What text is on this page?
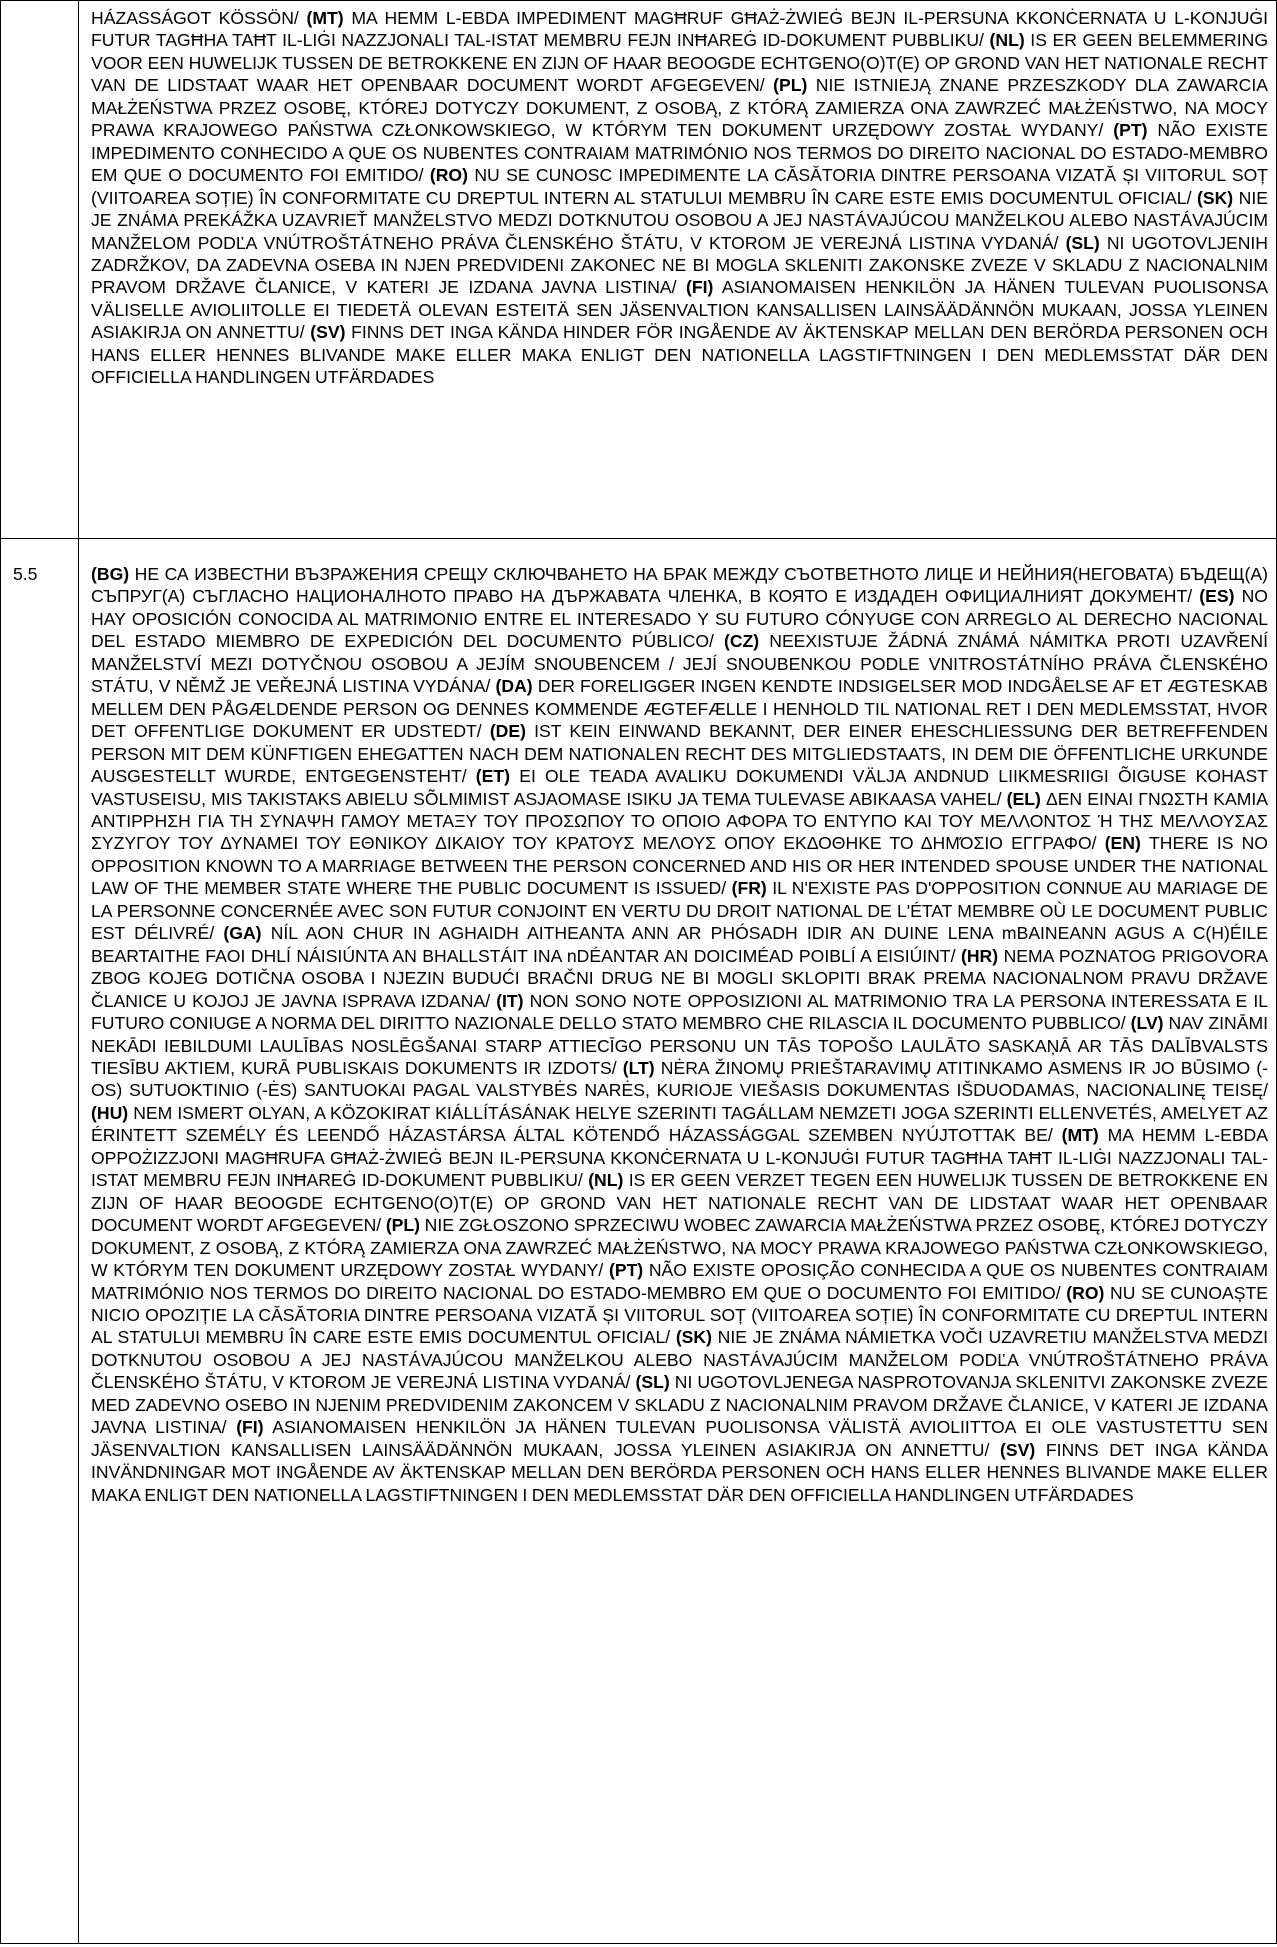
	HÁZASSÁGOT KÖSSÖN/ (MT) MA HEMM L-EBDA IMPEDIMENT MAGĦRUF GĦAŻ-ŻWIEĠ BEJN IL-PERSUNA KKONĊERNATA U L-KONJUĠI FUTUR TAGĦHA TAĦT IL-LIĠI NAZZJONALI TAL-ISTAT MEMBRU FEJN INĦAREĠ ID-DOKUMENT PUBBLIKU/ (NL) IS ER GEEN BELEMMERING VOOR EEN HUWELIJK TUSSEN DE BETROKKENE EN ZIJN OF HAAR BEOOGDE ECHTGENO(O)T(E) OP GROND VAN HET NATIONALE RECHT VAN DE LIDSTAAT WAAR HET OPENBAAR DOCUMENT WORDT AFGEGEVEN/ (PL) NIE ISTNIEJĄ ZNANE PRZESZKODY DLA ZAWARCIA MAŁŻEŃSTWA PRZEZ OSOBĘ, KTÓREJ DOTYCZY DOKUMENT, Z OSOBĄ, Z KTÓRĄ ZAMIERZA ONA ZAWRZEĆ MAŁŻEŃSTWO, NA MOCY PRAWA KRAJOWEGO PAŃSTWA CZŁONKOWSKIEGO, W KTÓRYM TEN DOKUMENT URZĘDOWY ZOSTAŁ WYDANY/ (PT) NÃO EXISTE IMPEDIMENTO CONHECIDO A QUE OS NUBENTES CONTRAIAM MATRIMÓNIO NOS TERMOS DO DIREITO NACIONAL DO ESTADO-MEMBRO EM QUE O DOCUMENTO FOI EMITIDO/ (RO) NU SE CUNOSC IMPEDIMENTE LA CĂSĂTORIA DINTRE PERSOANA VIZATĂ ȘI VIITORUL SOȚ (VIITOAREA SOȚIE) ÎN CONFORMITATE CU DREPTUL INTERN AL STATULUI MEMBRU ÎN CARE ESTE EMIS DOCUMENTUL OFICIAL/ (SK) NIE JE ZNÁMA PREKÁŽKA UZAVRIEŤ MANŽELSTVO MEDZI DOTKNUTOU OSOBOU A JEJ NASTÁVAJÚCOU MANŽELKOU ALEBO NASTÁVAJÚCIM MANŽELOM PODĽA VNÚTROŠTÁTNEHO PRÁVA ČLENSKÉHO ŠTÁTU, V KTOROM JE VEREJNÁ LISTINA VYDANÁ/ (SL) NI UGOTOVLJENIH ZADRŽKOV, DA ZADEVNA OSEBA IN NJEN PREDVIDENI ZAKONEC NE BI MOGLA SKLENITI ZAKONSKE ZVEZE V SKLADU Z NACIONALNIM PRAVOM DRŽAVE ČLANICE, V KATERI JE IZDANA JAVNA LISTINA/ (FI) ASIANOMAISEN HENKILÖN JA HÄNEN TULEVAN PUOLISONSA VÄLISELLE AVIOLIITOLLE EI TIEDETÄ OLEVAN ESTEITÄ SEN JÄSENVALTION KANSALLISEN LAINSÄÄDÄNNÖN MUKAAN, JOSSA YLEINEN ASIAKIRJA ON ANNETTU/ (SV) FINNS DET INGA KÄNDA HINDER FÖR INGÅENDE AV ÄKTENSKAP MELLAN DEN BERÖRDA PERSONEN OCH HANS ELLER HENNES BLIVANDE MAKE ELLER MAKA ENLIGT DEN NATIONELLA LAGSTIFTNINGEN I DEN MEDLEMSSTAT DÄR DEN OFFICIELLA HANDLINGEN UTFÄRDADES
5.5	(BG) НЕ СА ИЗВЕСТНИ ВЪЗРАЖЕНИЯ СРЕЩУ СКЛЮЧВАНЕТО НА БРАК МЕЖДУ СЪОТВЕТНОТО ЛИЦЕ И НЕЙНИЯ(НЕГОВАТА) БЪДЕЩ(А) СЪПРУГ(А) СЪГЛАСНО НАЦИОНАЛНОТО ПРАВО НА ДЪРЖАВАТА ЧЛЕНКА, В КОЯТО Е ИЗДАДЕН ОФИЦИАЛНИЯТ ДОКУМЕНТ/ (ES) NO HAY OPOSICIÓN CONOCIDA AL MATRIMONIO ENTRE EL INTERESADO Y SU FUTURO CÓNYUGE CON ARREGLO AL DERECHO NACIONAL DEL ESTADO MIEMBRO DE EXPEDICIÓN DEL DOCUMENTO PÚBLICO/ (CZ) NEEXISTUJE ŽÁDNÁ ZNÁMÁ NÁMITKA PROTI UZAVŘENÍ MANŽELSTVÍ MEZI DOTYČNOU OSOBOU A JEJÍM SNOUBENCEM / JEJÍ SNOUBENKOU PODLE VNITROSTÁTNÍHO PRÁVA ČLENSKÉHO STÁTU, V NĚMŽ JE VEŘEJNÁ LISTINA VYDÁNA/ (DA) DER FORELIGGER INGEN KENDTE INDSIGELSER MOD INDGÅELSE AF ET ÆGTESKAB MELLEM DEN PÅGÆLDENDE PERSON OG DENNES KOMMENDE ÆGTEFÆLLE I HENHOLD TIL NATIONAL RET I DEN MEDLEMSSTAT, HVOR DET OFFENTLIGE DOKUMENT ER UDSTEDT/ (DE) IST KEIN EINWAND BEKANNT, DER EINER EHESCHLIESSUNG DER BETREFFENDEN PERSON MIT DEM KÜNFTIGEN EHEGATTEN NACH DEM NATIONALEN RECHT DES MITGLIEDSTAATS, IN DEM DIE ÖFFENTLICHE URKUNDE AUSGESTELLT WURDE, ENTGEGENSTEHT/ (ET) EI OLE TEADA AVALIKU DOKUMENDI VÄLJA ANDNUD LIIKMESRIIGI ÕIGUSE KOHAST VASTUSEISU, MIS TAKISTAKS ABIELU SÕLMIMIST ASJAOMASE ISIKU JA TEMA TULEVASE ABIKAASA VAHEL/ (EL) ΔΕΝ ΕΙΝΑΙ ΓΝΩΣΤΗ ΚΑΜΙΑ ΑΝΤΙΡΡΗΣΗ ΓΙΑ ΤΗ ΣΥΝΑΨΗ ΓΑΜΟΥ ΜΕΤΑΞΥ ΤΟΥ ΠΡΟΣΩΠΟΥ ΤΟ ΟΠΟΙΟ ΑΦΟΡΑ ΤΟ ΕΝΤΥΠΟ ΚΑΙ ΤΟΥ ΜΕΛΛΟΝΤΟΣ Ή ΤΗΣ ΜΕΛΛΟΥΣΑΣ ΣΥΖΥΓΟΥ ΤΟΥ ΔΥΝΑΜΕΙ ΤΟΥ ΕΘΝΙΚΟΥ ΔΙΚΑΙΟΥ ΤΟΥ ΚΡΑΤΟΥΣ ΜΕΛΟΥΣ ΟΠΟΥ ΕΚΔΟΘΗΚΕ ΤΟ ΔΗΜΌΣΙΟ ΕΓΓΡΑΦΟ/ (EN) THERE IS NO OPPOSITION KNOWN TO A MARRIAGE BETWEEN THE PERSON CONCERNED AND HIS OR HER INTENDED SPOUSE UNDER THE NATIONAL LAW OF THE MEMBER STATE WHERE THE PUBLIC DOCUMENT IS ISSUED/ (FR) IL N'EXISTE PAS D'OPPOSITION CONNUE AU MARIAGE DE LA PERSONNE CONCERNÉE AVEC SON FUTUR CONJOINT EN VERTU DU DROIT NATIONAL DE L'ÉTAT MEMBRE OÙ LE DOCUMENT PUBLIC EST DÉLIVRÉ/ (GA) NÍL AON CHUR IN AGHAIDH AITHEANTA ANN AR PHÓSADH IDIR AN DUINE LENA mBAINEANN AGUS A C(H)ÉILE BEARTAITHE FAOI DHLÍ NÁISIÚNTA AN BHALLSTÁIT INA nDÉANTAR AN DOICIMÉAD POIBLÍ A EISIÚINT/ (HR) NEMA POZNATOG PRIGOVORA ZBOG KOJEG DOTIČNA OSOBA I NJEZIN BUDUĆI BRAČNI DRUG NE BI MOGLI SKLOPITI BRAK PREMA NACIONALNOM PRAVU DRŽAVE ČLANICE U KOJOJ JE JAVNA ISPRAVA IZDANA/ (IT) NON SONO NOTE OPPOSIZIONI AL MATRIMONIO TRA LA PERSONA INTERESSATA E IL FUTURO CONIUGE A NORMA DEL DIRITTO NAZIONALE DELLO STATO MEMBRO CHE RILASCIA IL DOCUMENTO PUBBLICO/ (LV) NAV ZINĀMI NEKĀDI IEBILDUMI LAULĪBAS NOSLĒGŠANAI STARP ATTIECĪGO PERSONU UN TĀS TOPOŠO LAULĀTO SASKAŅĀ AR TĀS DALĪBVALSTS TIESĪBU AKTIEM, KURĀ PUBLISKAIS DOKUMENTS IR IZDOTS/ (LT) NĖRA ŽINOMŲ PRIEŠTARAVIMŲ ATITINKAMO ASMENS IR JO BŪSIMO (-OS) SUTUOKTINIO (-ĖS) SANTUOKAI PAGAL VALSTYBĖS NARĖS, KURIOJE VIEŠASIS DOKUMENTAS IŠDUODAMAS, NACIONALINĘ TEISĘ/ (HU) NEM ISMERT OLYAN, A KÖZOKIRAT KIÁLLÍTÁSÁNAK HELYE SZERINTI TAGÁLLAM NEMZETI JOGA SZERINTI ELLENVETÉS, AMELYET AZ ÉRINTETT SZEMÉLY ÉS LEENDŐ HÁZASTÁRSA ÁLTAL KÖTENDŐ HÁZASSÁGGAL SZEMBEN NYÚJTOTTAK BE/ (MT) MA HEMM L-EBDA OPPOŻIZZJONI MAGĦRUFA GĦAŻ-ŻWIEĠ BEJN IL-PERSUNA KKONĊERNATA U L-KONJUĠI FUTUR TAGĦHA TAĦT IL-LIĠI NAZZJONALI TAL-ISTAT MEMBRU FEJN INĦAREĠ ID-DOKUMENT PUBBLIKU/ (NL) IS ER GEEN VERZET TEGEN EEN HUWELIJK TUSSEN DE BETROKKENE EN ZIJN OF HAAR BEOOGDE ECHTGENO(O)T(E) OP GROND VAN HET NATIONALE RECHT VAN DE LIDSTAAT WAAR HET OPENBAAR DOCUMENT WORDT AFGEGEVEN/ (PL) NIE ZGŁOSZONO SPRZECIWU WOBEC ZAWARCIA MAŁŻEŃSTWA PRZEZ OSOBĘ, KTÓREJ DOTYCZY DOKUMENT, Z OSOBĄ, Z KTÓRĄ ZAMIERZA ONA ZAWRZEĆ MAŁŻEŃSTWO, NA MOCY PRAWA KRAJOWEGO PAŃSTWA CZŁONKOWSKIEGO, W KTÓRYM TEN DOKUMENT URZĘDOWY ZOSTAŁ WYDANY/ (PT) NÃO EXISTE OPOSIÇÃO CONHECIDA A QUE OS NUBENTES CONTRAIAM MATRIMÓNIO NOS TERMOS DO DIREITO NACIONAL DO ESTADO-MEMBRO EM QUE O DOCUMENTO FOI EMITIDO/ (RO) NU SE CUNOAȘTE NICIO OPOZIȚIE LA CĂSĂTORIA DINTRE PERSOANA VIZATĂ ȘI VIITORUL SOȚ (VIITOAREA SOȚIE) ÎN CONFORMITATE CU DREPTUL INTERN AL STATULUI MEMBRU ÎN CARE ESTE EMIS DOCUMENTUL OFICIAL/ (SK) NIE JE ZNÁMA NÁMIETKA VOČI UZAVRETIU MANŽELSTVA MEDZI DOTKNUTOU OSOBOU A JEJ NASTÁVAJÚCOU MANŽELKOU ALEBO NASTÁVAJÚCIM MANŽELOM PODĽA VNÚTROŠTÁTNEHO PRÁVA ČLENSKÉHO ŠTÁTU, V KTOROM JE VEREJNÁ LISTINA VYDANÁ/ (SL) NI UGOTOVLJENEGA NASPROTOVANJA SKLENITVI ZAKONSKE ZVEZE MED ZADEVNO OSEBO IN NJENIM PREDVIDENIM ZAKONCEM V SKLADU Z NACIONALNIM PRAVOM DRŽAVE ČLANICE, V KATERI JE IZDANA JAVNA LISTINA/ (FI) ASIANOMAISEN HENKILÖN JA HÄNEN TULEVAN PUOLISONSA VÄLISTÄ AVIOLIITTOA EI OLE VASTUSTETTU SEN JÄSENVALTION KANSALLISEN LAINSÄÄDÄNNÖN MUKAAN, JOSSA YLEINEN ASIAKIRJA ON ANNETTU/ (SV) FINNS DET INGA KÄNDA INVÄNDNINGAR MOT INGÅENDE AV ÄKTENSKAP MELLAN DEN BERÖRDA PERSONEN OCH HANS ELLER HENNES BLIVANDE MAKE ELLER MAKA ENLIGT DEN NATIONELLA LAGSTIFTNINGEN I DEN MEDLEMSSTAT DÄR DEN OFFICIELLA HANDLINGEN UTFÄRDADES
